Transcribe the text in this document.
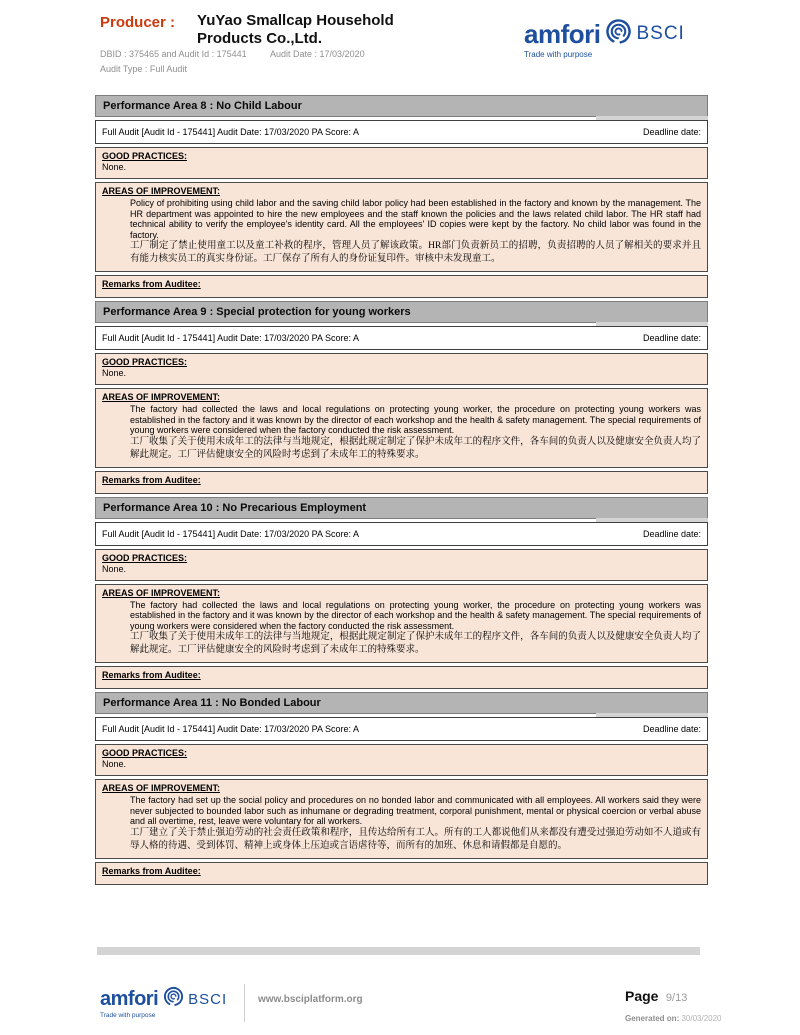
Producer : YuYao Smallcap Household
Products Co.,Ltd.
DBID : 375465 and Audit Id : 175441	Audit Date : 17/03/2020
Audit Type : Full Audit
amfori BSCI
Trade with purpose
Performance Area 8 : No Child Labour
Full Audit [Audit Id - 175441] Audit Date: 17/03/2020 PA Score: A	Deadline date:
GOOD PRACTICES:
None.
AREAS OF IMPROVEMENT:
Policy of prohibiting using child labor and the saving child labor policy had been established in the factory and known by the management. The HR department was appointed to hire the new employees and the staff known the policies and the laws related child labor. The HR staff had technical ability to verify the employee's identity card. All the employees' ID copies were kept by the factory. No child labor was found in the factory.
工厂制定了禁止使用童工以及童工补救的程序，管理人员了解该政策。HR部门负责新员工的招聘，负责招聘的人员了解相关的要求并且有能力核实员工的真实身份证。工厂保存了所有人的身份证复印件。审核中未发现童工。
Remarks from Auditee:
Performance Area 9 : Special protection for young workers
Full Audit [Audit Id - 175441] Audit Date: 17/03/2020 PA Score: A	Deadline date:
GOOD PRACTICES:
None.
AREAS OF IMPROVEMENT:
The factory had collected the laws and local regulations on protecting young worker, the procedure on protecting young workers was established in the factory and it was known by the director of each workshop and the health & safety management. The special requirements of young workers were considered when the factory conducted the risk assessment.
工厂收集了关于使用未成年工的法律与当地规定，根据此规定制定了保护未成年工的程序文件，各车间的负责人以及健康安全负责人均了解此规定。工厂评估健康安全的风险时考虑到了未成年工的特殊要求。
Remarks from Auditee:
Performance Area 10 : No Precarious Employment
Full Audit [Audit Id - 175441] Audit Date: 17/03/2020 PA Score: A	Deadline date:
GOOD PRACTICES:
None.
AREAS OF IMPROVEMENT:
The factory had collected the laws and local regulations on protecting young worker, the procedure on protecting young workers was established in the factory and it was known by the director of each workshop and the health & safety management. The special requirements of young workers were considered when the factory conducted the risk assessment.
工厂收集了关于使用未成年工的法律与当地规定，根据此规定制定了保护未成年工的程序文件，各车间的负责人以及健康安全负责人均了解此规定。工厂评估健康安全的风险时考虑到了未成年工的特殊要求。
Remarks from Auditee:
Performance Area 11 : No Bonded Labour
Full Audit [Audit Id - 175441] Audit Date: 17/03/2020 PA Score: A	Deadline date:
GOOD PRACTICES:
None.
AREAS OF IMPROVEMENT:
The factory had set up the social policy and procedures on no bonded labor and communicated with all employees. All workers said they were never subjected to bounded labor such as inhumane or degrading treatment, corporal punishment, mental or physical coercion or verbal abuse and all overtime, rest, leave were voluntary for all workers.
工厂建立了关于禁止强迫劳动的社会责任政策和程序，且传达给所有工人。所有的工人都说他们从来都没有遭受过强迫劳动如不人道或有辱人格的待遇、受到体罚、精神上或身体上压迫或言语虐待等，而所有的加班、休息和请假都是自愿的。
Remarks from Auditee:
amfori BSCI
Trade with purpose
www.bsciplatform.org	Page 9/13
Generated on: 30/03/2020
